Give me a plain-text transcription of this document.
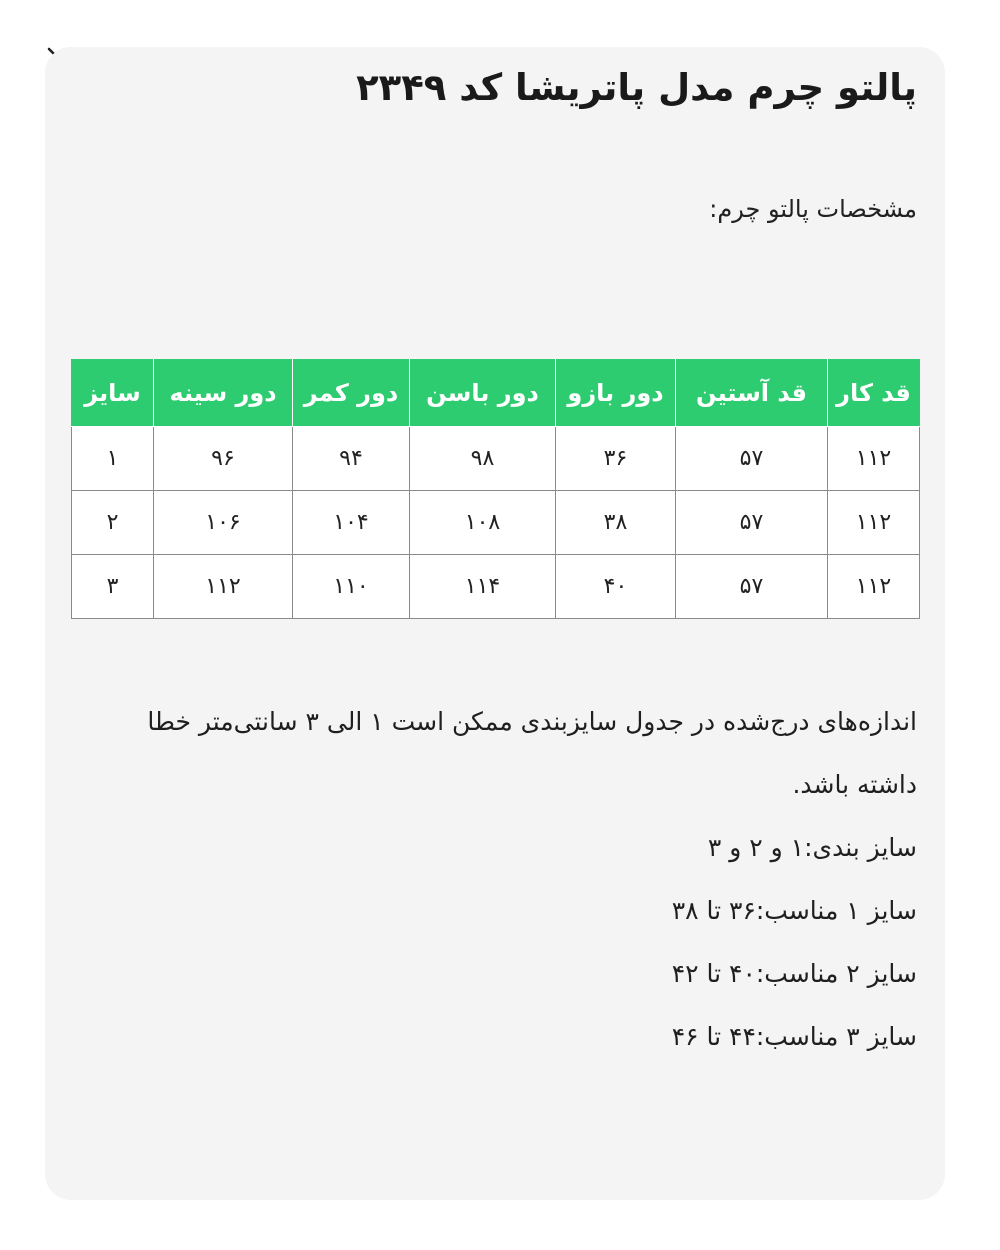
پالتو چرم مدل پاتریشا کد ۲۳۴۹
مشخصات پالتو چرم:
قد کار	قد آستین	دور بازو	دور باسن	دور کمر	دور سینه	سایز
۱۱۲	۵۷	۳۶	۹۸	۹۴	۹۶	۱
۱۱۲	۵۷	۳۸	۱۰۸	۱۰۴	۱۰۶	۲
۱۱۲	۵۷	۴۰	۱۱۴	۱۱۰	۱۱۲	۳

اندازه‌های درج‌شده در جدول سایزبندی ممکن است ۱ الی ۳ سانتی‌متر خطا داشته باشد.

سایز بندی:۱ و ۲ و ۳

سایز ۱ مناسب:۳۶ تا ۳۸

سایز ۲ مناسب:۴۰ تا ۴۲

سایز ۳ مناسب:۴۴ تا ۴۶
